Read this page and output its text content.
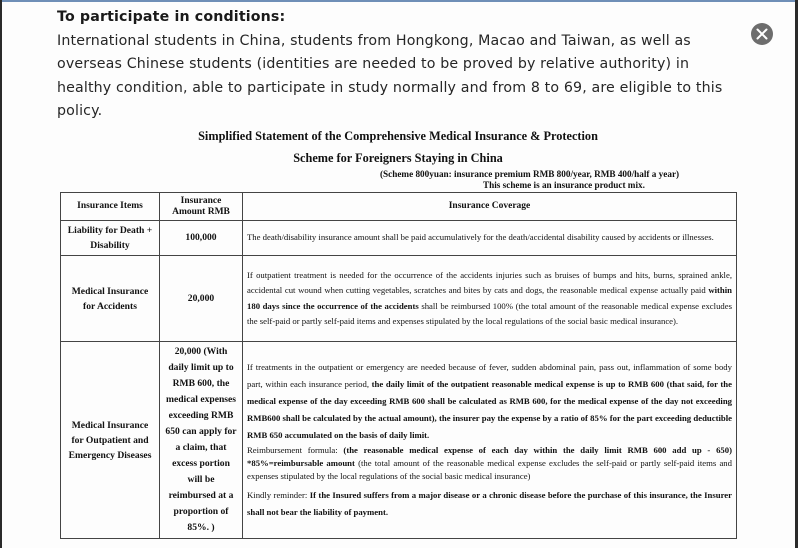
To participate in conditions:
International students in China, students from Hongkong, Macao and Taiwan, as well as overseas Chinese students (identities are needed to be proved by relative authority) in healthy condition, able to participate in study normally and from 8 to 69, are eligible to this policy.
Simplified Statement of the Comprehensive Medical Insurance & Protection
Scheme for Foreigners Staying in China
(Scheme 800yuan: insurance premium RMB 800/year, RMB 400/half a year)
This scheme is an insurance product mix.
Insurance Items	Insurance Amount RMB	Insurance Coverage
Liability for Death + Disability	100,000	The death/disability insurance amount shall be paid accumulatively for the death/accidental disability caused by accidents or illnesses.
Medical Insurance for Accidents	20,000	If outpatient treatment is needed for the occurrence of the accidents injuries such as bruises of bumps and hits, burns, sprained ankle, accidental cut wound when cutting vegetables, scratches and bites by cats and dogs, the reasonable medical expense actually paid within 180 days since the occurrence of the accidents shall be reimbursed 100% (the total amount of the reasonable medical expense excludes the self-paid or partly self-paid items and expenses stipulated by the local regulations of the social basic medical insurance).
Medical Insurance for Outpatient and Emergency Diseases	20,000 (With daily limit up to RMB 600, the medical expenses exceeding RMB 650 can apply for a claim, that excess portion will be reimbursed at a proportion of 85%. )	If treatments in the outpatient or emergency are needed because of fever, sudden abdominal pain, pass out, inflammation of some body part, within each insurance period, the daily limit of the outpatient reasonable medical expense is up to RMB 600 (that said, for the medical expense of the day exceeding RMB 600 shall be calculated as RMB 600, for the medical expense of the day not exceeding RMB600 shall be calculated by the actual amount), the insurer pay the expense by a ratio of 85% for the part exceeding deductible RMB 650 accumulated on the basis of daily limit.
Reimbursement formula: (the reasonable medical expense of each day within the daily limit RMB 600 add up - 650) *85%=reimbursable amount (the total amount of the reasonable medical expense excludes the self-paid or partly self-paid items and expenses stipulated by the local regulations of the social basic medical insurance)
Kindly reminder: If the Insured suffers from a major disease or a chronic disease before the purchase of this insurance, the Insurer shall not bear the liability of payment.
